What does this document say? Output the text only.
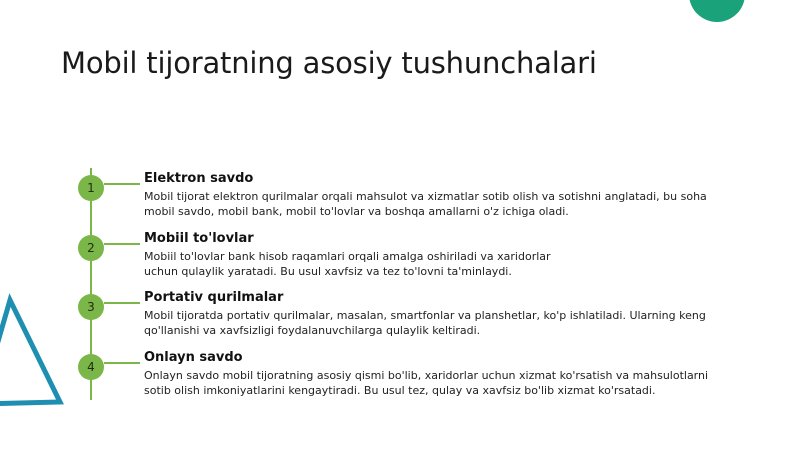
Mobil tijoratning asosiy tushunchalari
1
Elektron savdo

Mobil tijorat elektron qurilmalar orqali mahsulot va xizmatlar sotib olish va sotishni anglatadi, bu soha
mobil savdo, mobil bank, mobil to'lovlar va boshqa amallarni o'z ichiga oladi.

2
Mobiil to'lovlar

Mobiil to'lovlar bank hisob raqamlari orqali amalga oshiriladi va xaridorlar
uchun qulaylik yaratadi. Bu usul xavfsiz va tez to'lovni ta'minlaydi.

3
Portativ qurilmalar

Mobil tijoratda portativ qurilmalar, masalan, smartfonlar va planshetlar, ko'p ishlatiladi. Ularning keng
qo'llanishi va xavfsizligi foydalanuvchilarga qulaylik keltiradi.

4
Onlayn savdo

Onlayn savdo mobil tijoratning asosiy qismi bo'lib, xaridorlar uchun xizmat ko'rsatish va mahsulotlarni
sotib olish imkoniyatlarini kengaytiradi. Bu usul tez, qulay va xavfsiz bo'lib xizmat ko'rsatadi.
